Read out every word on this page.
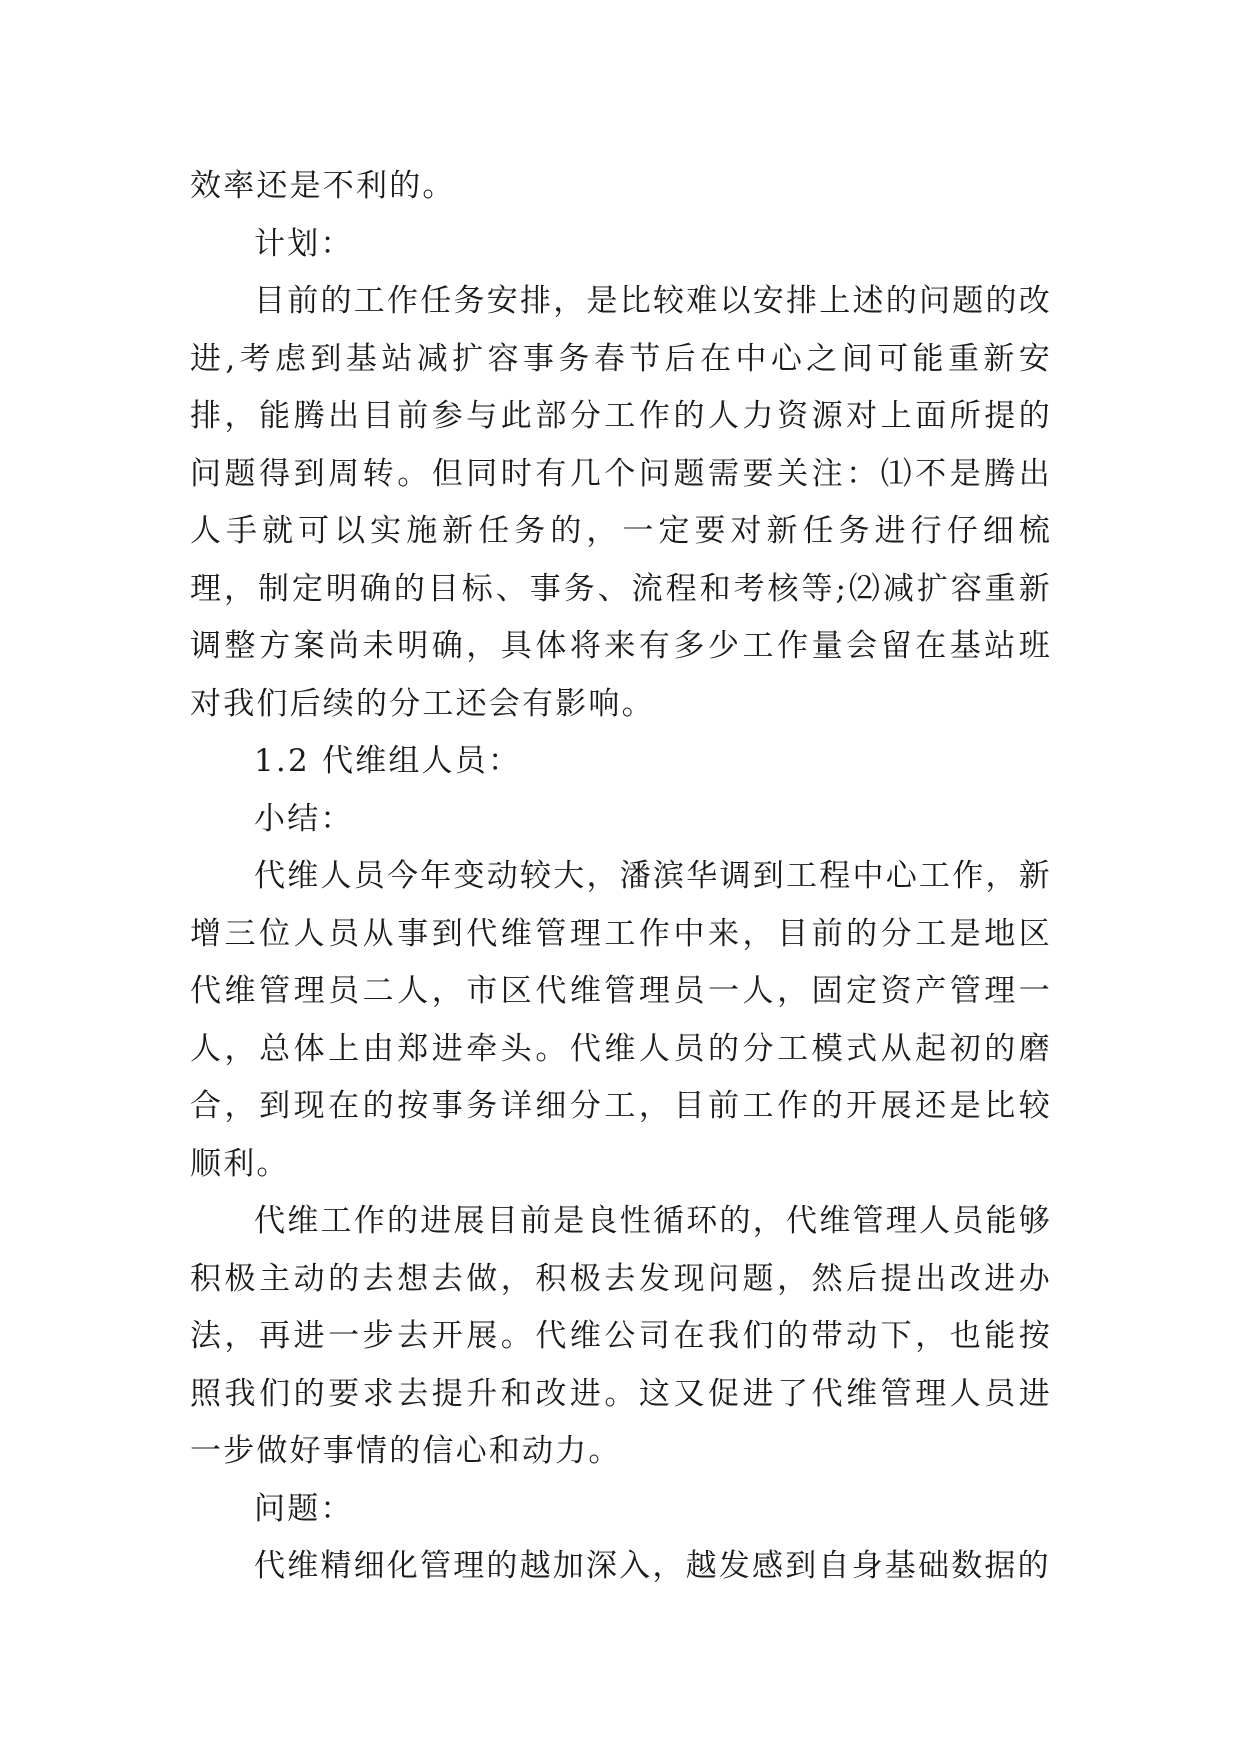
效率还是不利的。

计划：

目前的工作任务安排，是比较难以安排上述的问题的改进,考虑到基站减扩容事务春节后在中心之间可能重新安排，能腾出目前参与此部分工作的人力资源对上面所提的问题得到周转。但同时有几个问题需要关注：⑴不是腾出人手就可以实施新任务的，一定要对新任务进行仔细梳理，制定明确的目标、事务、流程和考核等;⑵减扩容重新调整方案尚未明确，具体将来有多少工作量会留在基站班对我们后续的分工还会有影响。

1.2 代维组人员：

小结：

代维人员今年变动较大，潘滨华调到工程中心工作，新增三位人员从事到代维管理工作中来，目前的分工是地区代维管理员二人，市区代维管理员一人，固定资产管理一人，总体上由郑进牵头。代维人员的分工模式从起初的磨合，到现在的按事务详细分工，目前工作的开展还是比较顺利。

代维工作的进展目前是良性循环的，代维管理人员能够积极主动的去想去做，积极去发现问题，然后提出改进办法，再进一步去开展。代维公司在我们的带动下，也能按照我们的要求去提升和改进。这又促进了代维管理人员进一步做好事情的信心和动力。

问题：

代维精细化管理的越加深入，越发感到自身基础数据的
